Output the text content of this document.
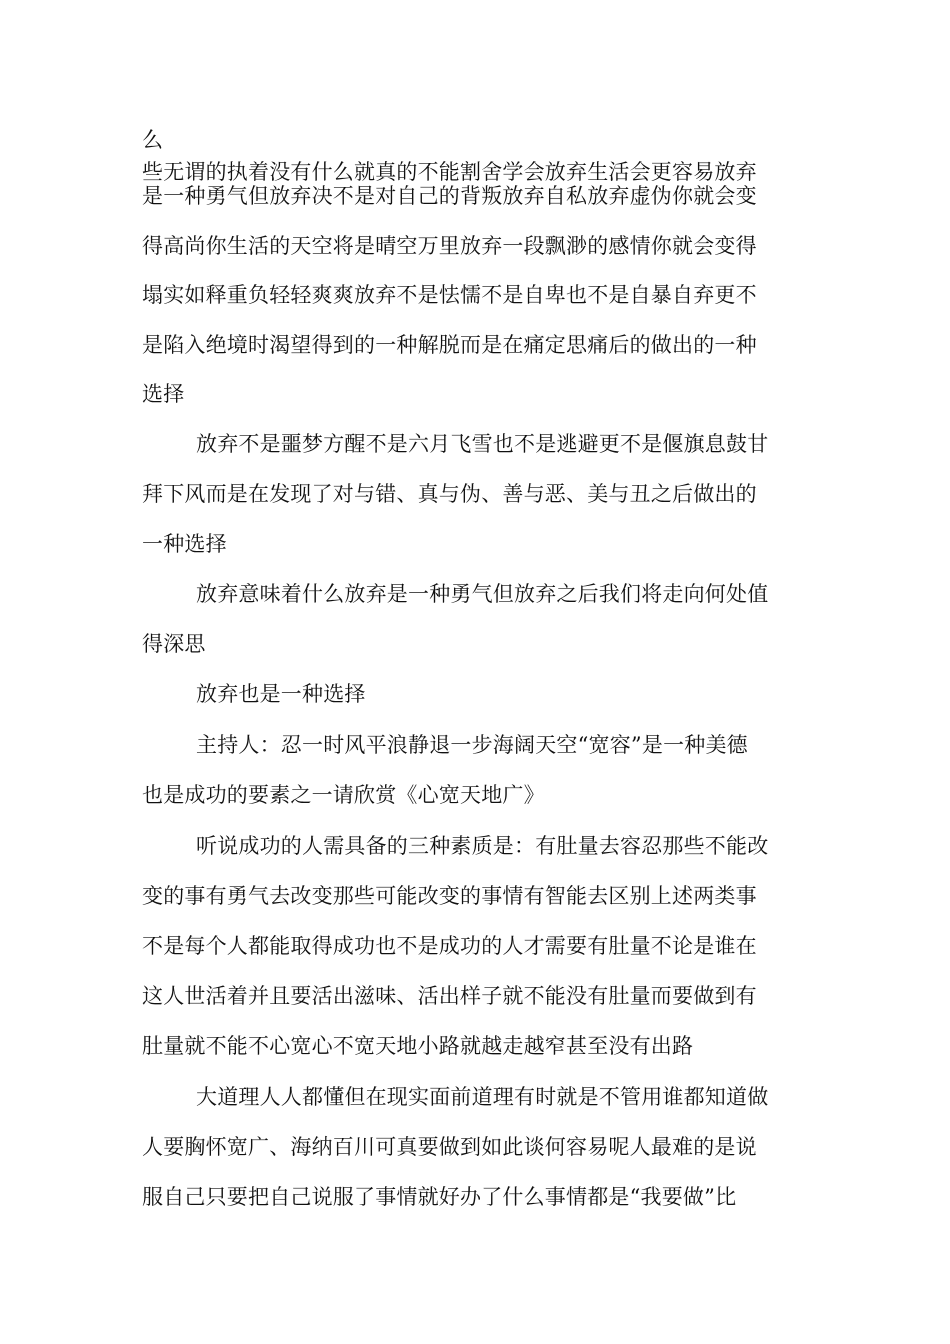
么

些无谓的执着没有什么就真的不能割舍学会放弃生活会更容易放弃

是一种勇气但放弃决不是对自己的背叛放弃自私放弃虚伪你就会变

得高尚你生活的天空将是晴空万里放弃一段飘渺的感情你就会变得

塌实如释重负轻轻爽爽放弃不是怯懦不是自卑也不是自暴自弃更不

是陷入绝境时渴望得到的一种解脱而是在痛定思痛后的做出的一种

选择

放弃不是噩梦方醒不是六月飞雪也不是逃避更不是偃旗息鼓甘

拜下风而是在发现了对与错、真与伪、善与恶、美与丑之后做出的

一种选择

放弃意味着什么放弃是一种勇气但放弃之后我们将走向何处值

得深思

放弃也是一种选择

主持人：忍一时风平浪静退一步海阔天空“宽容”是一种美德

也是成功的要素之一请欣赏《心宽天地广》

听说成功的人需具备的三种素质是：有肚量去容忍那些不能改

变的事有勇气去改变那些可能改变的事情有智能去区别上述两类事

不是每个人都能取得成功也不是成功的人才需要有肚量不论是谁在

这人世活着并且要活出滋味、活出样子就不能没有肚量而要做到有

肚量就不能不心宽心不宽天地小路就越走越窄甚至没有出路

大道理人人都懂但在现实面前道理有时就是不管用谁都知道做

人要胸怀宽广、海纳百川可真要做到如此谈何容易呢人最难的是说

服自己只要把自己说服了事情就好办了什么事情都是“我要做”比
